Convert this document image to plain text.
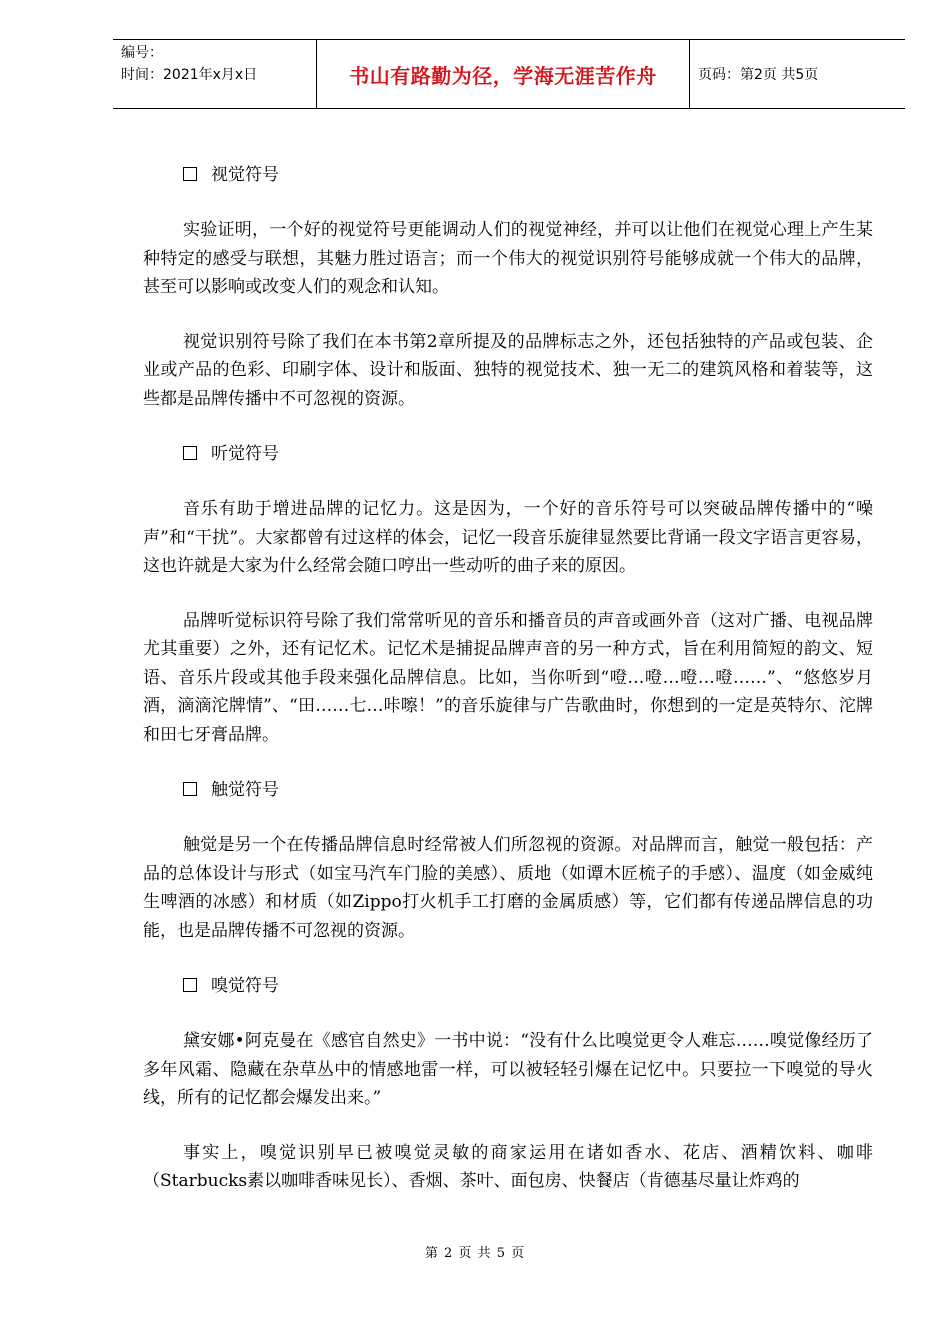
编号：
时间：2021年x月x日	书山有路勤为径，学海无涯苦作舟	页码：第2页 共5页
视觉符号

实验证明，一个好的视觉符号更能调动人们的视觉神经，并可以让他们在视觉心理上产生某种特定的感受与联想，其魅力胜过语言；而一个伟大的视觉识别符号能够成就一个伟大的品牌，甚至可以影响或改变人们的观念和认知。

视觉识别符号除了我们在本书第2章所提及的品牌标志之外，还包括独特的产品或包装、企业或产品的色彩、印刷字体、设计和版面、独特的视觉技术、独一无二的建筑风格和着装等，这些都是品牌传播中不可忽视的资源。

听觉符号

音乐有助于增进品牌的记忆力。这是因为，一个好的音乐符号可以突破品牌传播中的“噪声”和“干扰”。大家都曾有过这样的体会，记忆一段音乐旋律显然要比背诵一段文字语言更容易，这也许就是大家为什么经常会随口哼出一些动听的曲子来的原因。

品牌听觉标识符号除了我们常常听见的音乐和播音员的声音或画外音（这对广播、电视品牌尤其重要）之外，还有记忆术。记忆术是捕捉品牌声音的另一种方式，旨在利用简短的韵文、短语、音乐片段或其他手段来强化品牌信息。比如，当你听到“噔…噔…噔…噔……”、“悠悠岁月酒，滴滴沱牌情”、“田……七…咔嚓！”的音乐旋律与广告歌曲时，你想到的一定是英特尔、沱牌和田七牙膏品牌。

触觉符号

触觉是另一个在传播品牌信息时经常被人们所忽视的资源。对品牌而言，触觉一般包括：产品的总体设计与形式（如宝马汽车门脸的美感）、质地（如谭木匠梳子的手感）、温度（如金威纯生啤酒的冰感）和材质（如Zippo打火机手工打磨的金属质感）等，它们都有传递品牌信息的功能，也是品牌传播不可忽视的资源。

嗅觉符号

黛安娜•阿克曼在《感官自然史》一书中说：“没有什么比嗅觉更令人难忘……嗅觉像经历了多年风霜、隐藏在杂草丛中的情感地雷一样，可以被轻轻引爆在记忆中。只要拉一下嗅觉的导火线，所有的记忆都会爆发出来。”

事实上，嗅觉识别早已被嗅觉灵敏的商家运用在诸如香水、花店、酒精饮料、咖啡（Starbucks素以咖啡香味见长）、香烟、茶叶、面包房、快餐店（肯德基尽量让炸鸡的

第 2 页 共 5 页
